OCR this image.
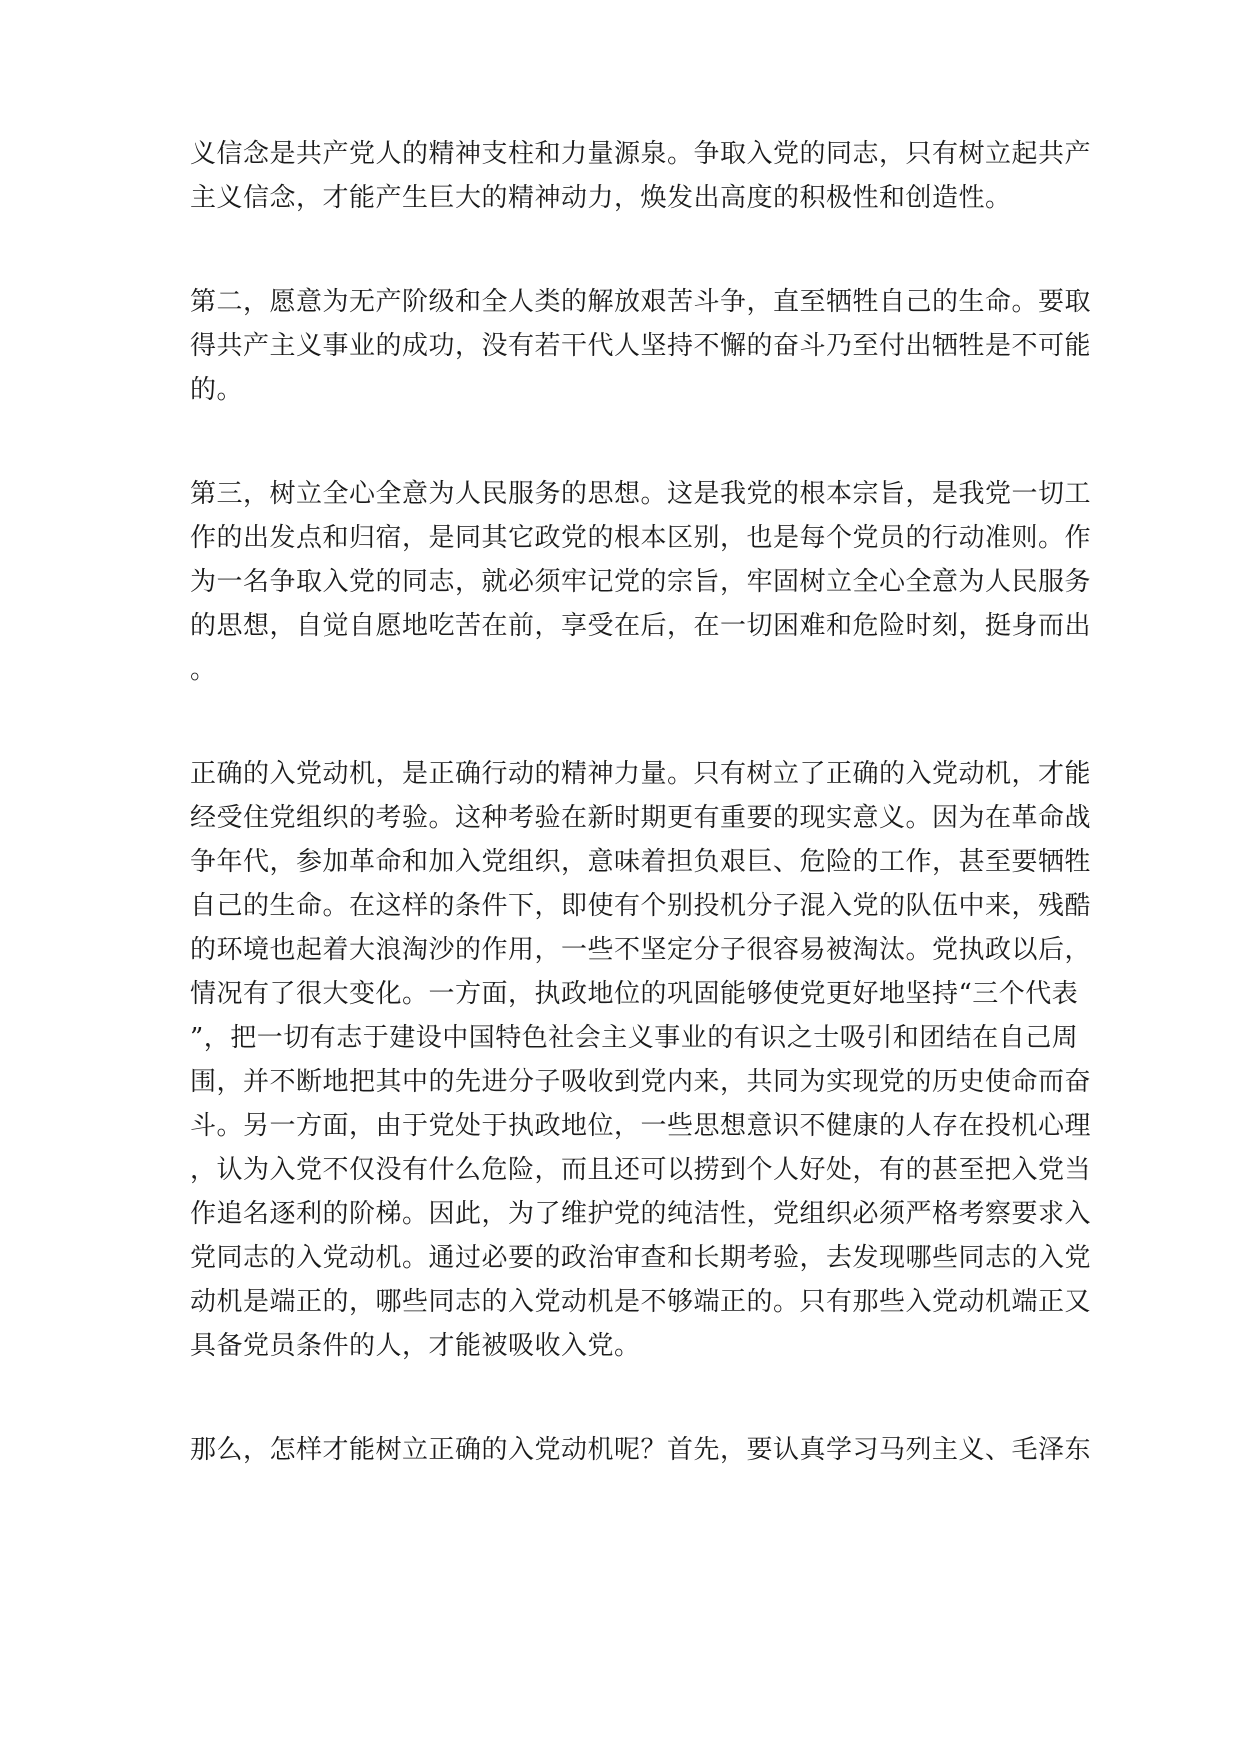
义信念是共产党人的精神支柱和力量源泉。争取入党的同志，只有树立起共产
主义信念，才能产生巨大的精神动力，焕发出高度的积极性和创造性。
第二，愿意为无产阶级和全人类的解放艰苦斗争，直至牺牲自己的生命。要取
得共产主义事业的成功，没有若干代人坚持不懈的奋斗乃至付出牺牲是不可能
的。
第三，树立全心全意为人民服务的思想。这是我党的根本宗旨，是我党一切工
作的出发点和归宿，是同其它政党的根本区别，也是每个党员的行动准则。作
为一名争取入党的同志，就必须牢记党的宗旨，牢固树立全心全意为人民服务
的思想，自觉自愿地吃苦在前，享受在后，在一切困难和危险时刻，挺身而出
。
正确的入党动机，是正确行动的精神力量。只有树立了正确的入党动机，才能
经受住党组织的考验。这种考验在新时期更有重要的现实意义。因为在革命战
争年代，参加革命和加入党组织，意味着担负艰巨、危险的工作，甚至要牺牲
自己的生命。在这样的条件下，即使有个别投机分子混入党的队伍中来，残酷
的环境也起着大浪淘沙的作用，一些不坚定分子很容易被淘汰。党执政以后，
情况有了很大变化。一方面，执政地位的巩固能够使党更好地坚持“三个代表
”，把一切有志于建设中国特色社会主义事业的有识之士吸引和团结在自己周
围，并不断地把其中的先进分子吸收到党内来，共同为实现党的历史使命而奋
斗。另一方面，由于党处于执政地位，一些思想意识不健康的人存在投机心理
，认为入党不仅没有什么危险，而且还可以捞到个人好处，有的甚至把入党当
作追名逐利的阶梯。因此，为了维护党的纯洁性，党组织必须严格考察要求入
党同志的入党动机。通过必要的政治审查和长期考验，去发现哪些同志的入党
动机是端正的，哪些同志的入党动机是不够端正的。只有那些入党动机端正又
具备党员条件的人，才能被吸收入党。
那么，怎样才能树立正确的入党动机呢？首先，要认真学习马列主义、毛泽东
